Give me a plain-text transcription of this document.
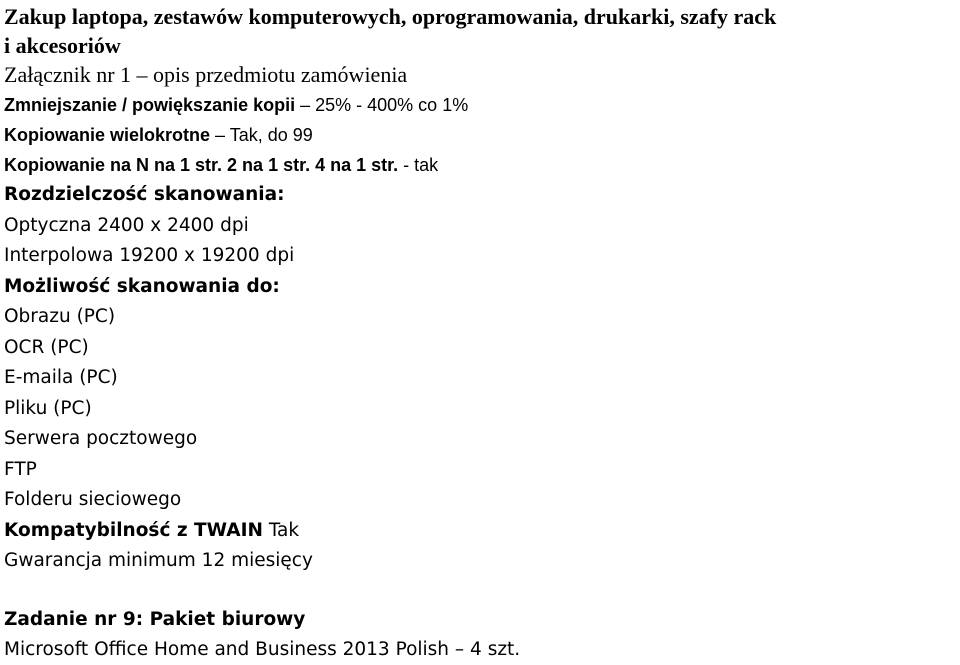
Zakup laptopa, zestawów komputerowych, oprogramowania, drukarki, szafy rack
i akcesoriów
Załącznik nr 1 – opis przedmiotu zamówienia
Zmniejszanie / powiększanie kopii – 25% - 400% co 1%
Kopiowanie wielokrotne – Tak, do 99
Kopiowanie na N na 1 str. 2 na 1 str. 4 na 1 str. - tak
Rozdzielczość skanowania:
Optyczna 2400 x 2400 dpi
Interpolowa 19200 x 19200 dpi
Możliwość skanowania do:
Obrazu (PC)
OCR (PC)
E-maila (PC)
Pliku (PC)
Serwera pocztowego
FTP
Folderu sieciowego
Kompatybilność z TWAIN Tak
Gwarancja minimum 12 miesięcy
Zadanie nr 9: Pakiet biurowy
Microsoft Office Home and Business 2013 Polish – 4 szt.
